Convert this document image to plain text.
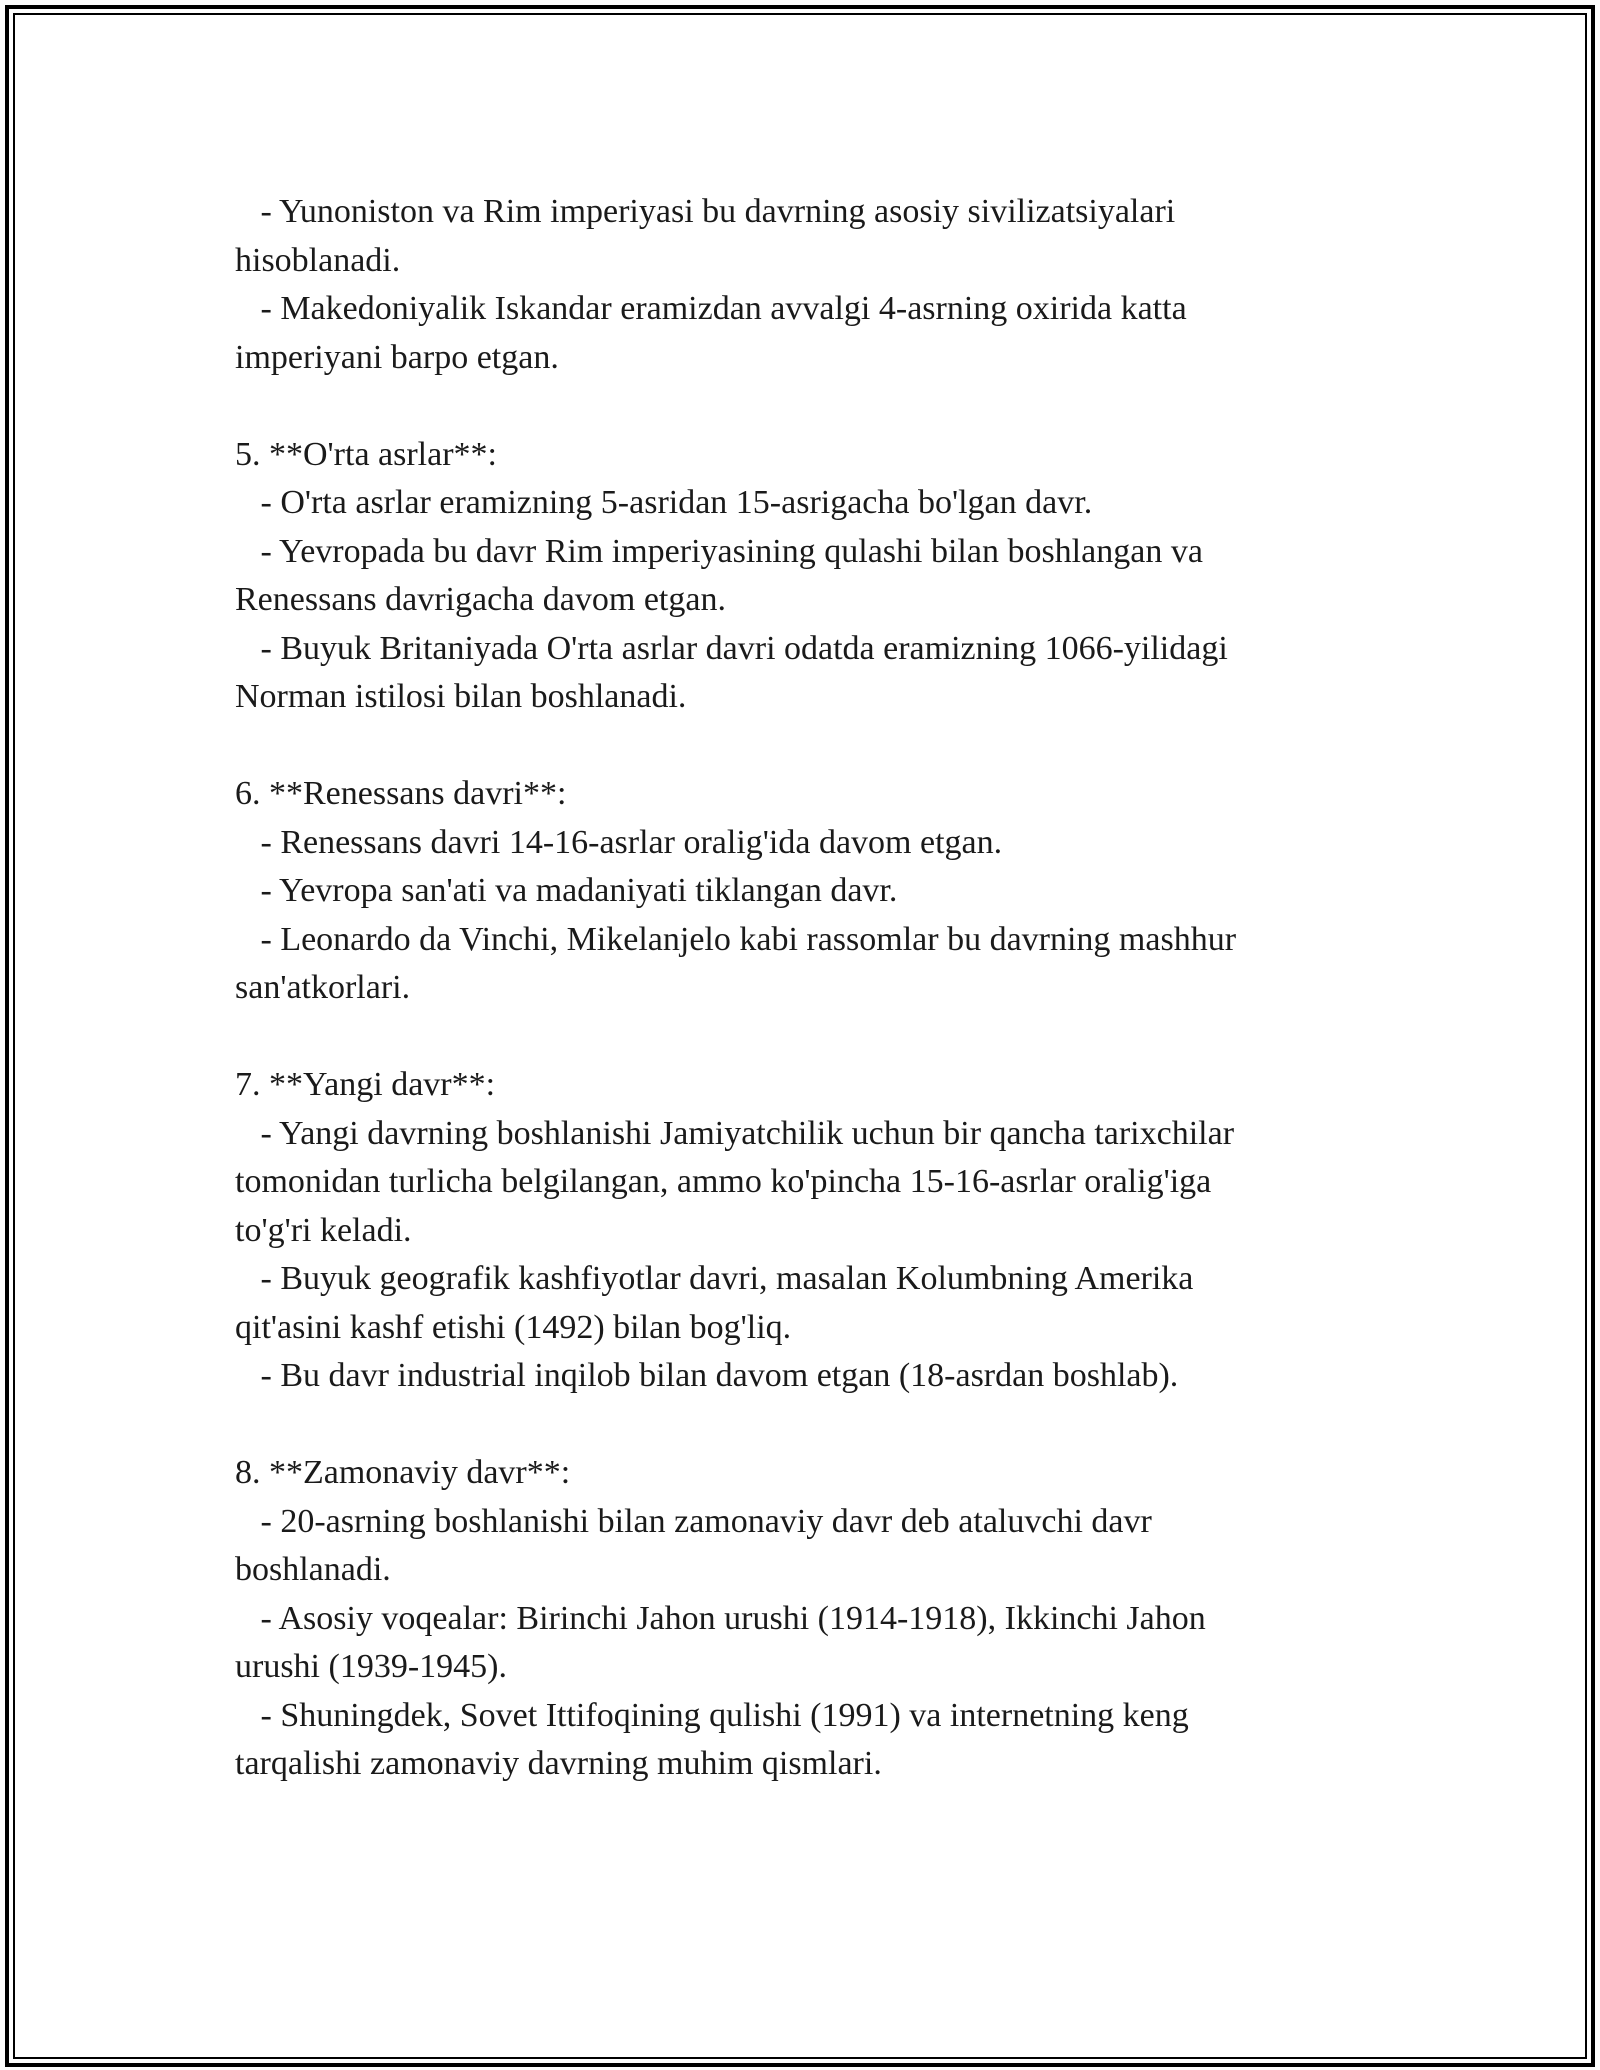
- Yunoniston va Rim imperiyasi bu davrning asosiy sivilizatsiyalari
hisoblanadi.
- Makedoniyalik Iskandar eramizdan avvalgi 4-asrning oxirida katta
imperiyani barpo etgan.
5. **O'rta asrlar**:
- O'rta asrlar eramizning 5-asridan 15-asrigacha bo'lgan davr.
- Yevropada bu davr Rim imperiyasining qulashi bilan boshlangan va
Renessans davrigacha davom etgan.
- Buyuk Britaniyada O'rta asrlar davri odatda eramizning 1066-yilidagi
Norman istilosi bilan boshlanadi.
6. **Renessans davri**:
- Renessans davri 14-16-asrlar oralig'ida davom etgan.
- Yevropa san'ati va madaniyati tiklangan davr.
- Leonardo da Vinchi, Mikelanjelo kabi rassomlar bu davrning mashhur
san'atkorlari.
7. **Yangi davr**:
- Yangi davrning boshlanishi Jamiyatchilik uchun bir qancha tarixchilar
tomonidan turlicha belgilangan, ammo ko'pincha 15-16-asrlar oralig'iga
to'g'ri keladi.
- Buyuk geografik kashfiyotlar davri, masalan Kolumbning Amerika
qit'asini kashf etishi (1492) bilan bog'liq.
- Bu davr industrial inqilob bilan davom etgan (18-asrdan boshlab).
8. **Zamonaviy davr**:
- 20-asrning boshlanishi bilan zamonaviy davr deb ataluvchi davr
boshlanadi.
- Asosiy voqealar: Birinchi Jahon urushi (1914-1918), Ikkinchi Jahon
urushi (1939-1945).
- Shuningdek, Sovet Ittifoqining qulishi (1991) va internetning keng
tarqalishi zamonaviy davrning muhim qismlari.
